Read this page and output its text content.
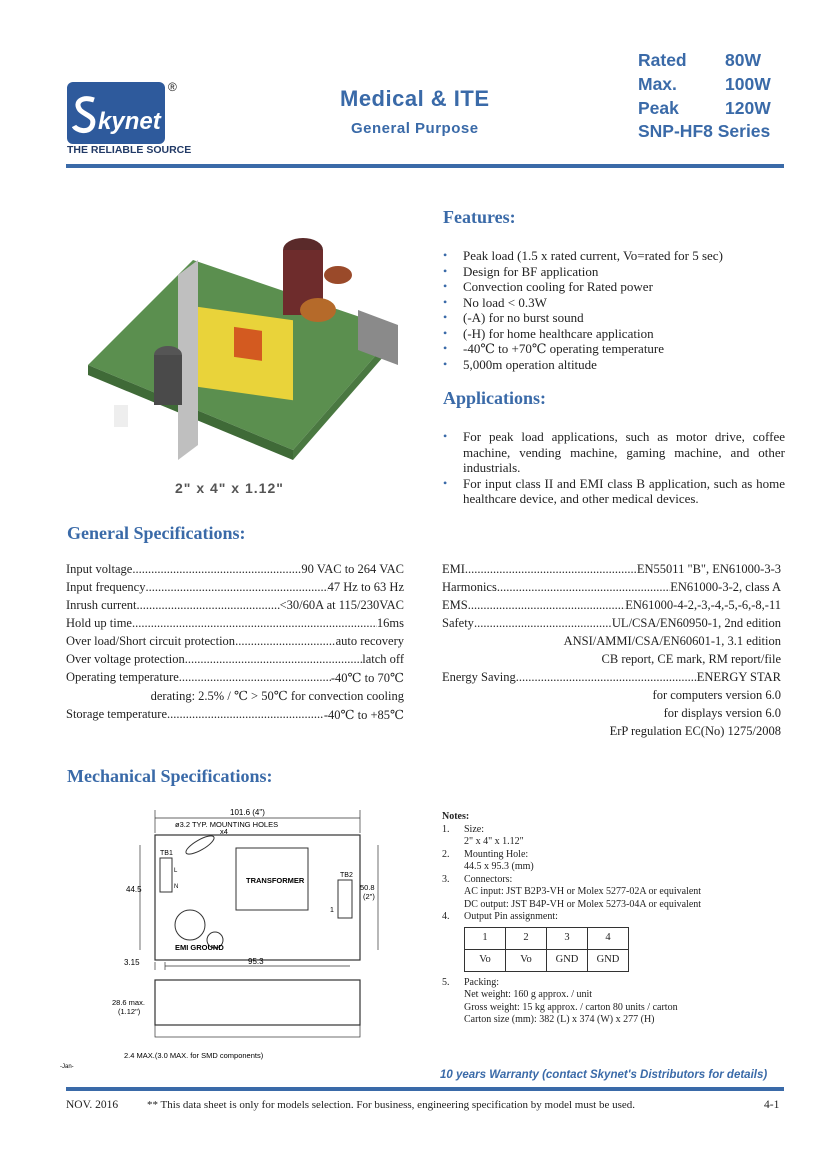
kynet
®
THE RELIABLE SOURCE
Medical & ITE
General Purpose
Rated 80W
Max.	100W
Peak	120W
SNP-HF8 Series
2" x 4" x 1.12"
Features:
• Peak load (1.5 x rated current, Vo=rated for 5 sec)
• Design for BF application
• Convection cooling for Rated power
• No load < 0.3W
• (-A) for no burst sound
• (-H) for home healthcare application
• -40℃ to +70℃ operating temperature
• 5,000m operation altitude
Applications:
• For peak load applications, such as motor drive, coffee machine, vending machine, gaming machine, and other industrials.
• For input class II and EMI class B application, such as home healthcare device, and other medical devices.
General Specifications:
Input voltage .....	90 VAC to 264 VAC
Input frequency .....	47 Hz to 63 Hz
Inrush current .....	<30/60A at 115/230VAC
Hold up time .....	16ms
Over load/Short circuit protection .....	auto recovery
Over voltage protection .....	latch off
Operating temperature .....	-40℃ to 70℃
derating: 2.5% / ℃ > 50℃ for convection cooling
Storage temperature .....	-40℃ to +85℃
EMI .....	EN55011 "B", EN61000-3-3
Harmonics .....	EN61000-3-2, class A
EMS .....	EN61000-4-2,-3,-4,-5,-6,-8,-11
Safety .....	UL/CSA/EN60950-1, 2nd edition
ANSI/AMMI/CSA/EN60601-1, 3.1 edition
CB report, CE mark, RM report/file
Energy Saving .....	ENERGY STAR
for computers version 6.0
for displays version 6.0
ErP regulation EC(No) 1275/2008
Mechanical Specifications:
101.6 (4")
ø3.2 TYP. MOUNTING HOLES
x4
TRANSFORMER
TB1
L
N
TB2
1
EMI GROUND
44.5	50.8
(2")
3.15	95.3
28.6 max.
(1.12")
2.4 MAX.(3.0 MAX. for SMD components)
-Jan-
Notes:
1.	Size:
2" x 4" x 1.12"
2.	Mounting Hole:
44.5 x 95.3 (mm)
3.	Connectors:
AC input: JST B2P3-VH or Molex 5277-02A or equivalent
DC output: JST B4P-VH or Molex 5273-04A or equivalent
4.	Output Pin assignment:
1	2	3	4
Vo	Vo	GND	GND
5.	Packing:
Net weight: 160 g approx. / unit
Gross weight: 15 kg approx. / carton 80 units / carton
Carton size (mm): 382 (L) x 374 (W) x 277 (H)
10 years Warranty (contact Skynet's Distributors for details)
NOV. 2016	** This data sheet is only for models selection. For business, engineering specification by model must be used.	4-1
